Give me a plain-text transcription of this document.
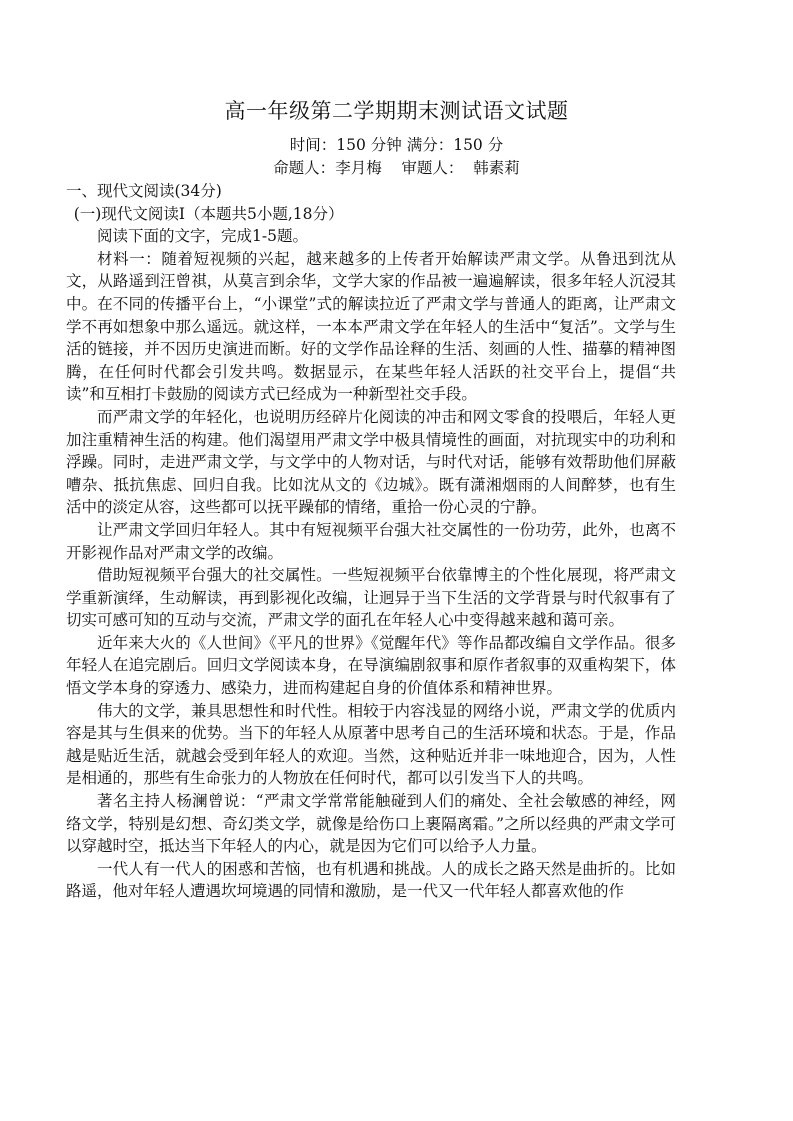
高一年级第二学期期末测试语文试题
时间：150 分钟 满分：150 分
命题人：李月梅 审题人： 韩素莉

一、现代文阅读(34分)

(一)现代文阅读Ⅰ（本题共5小题,18分）

阅读下面的文字，完成1-5题。

材料一：随着短视频的兴起，越来越多的上传者开始解读严肃文学。从鲁迅到沈从文，从路遥到汪曾祺，从莫言到余华，文学大家的作品被一遍遍解读，很多年轻人沉浸其中。在不同的传播平台上，“小课堂”式的解读拉近了严肃文学与普通人的距离，让严肃文学不再如想象中那么遥远。就这样，一本本严肃文学在年轻人的生活中“复活”。文学与生活的链接，并不因历史演进而断。好的文学作品诠释的生活、刻画的人性、描摹的精神图腾，在任何时代都会引发共鸣。数据显示，在某些年轻人活跃的社交平台上，提倡“共读”和互相打卡鼓励的阅读方式已经成为一种新型社交手段。

而严肃文学的年轻化，也说明历经碎片化阅读的冲击和网文零食的投喂后，年轻人更加注重精神生活的构建。他们渴望用严肃文学中极具情境性的画面，对抗现实中的功利和浮躁。同时，走进严肃文学，与文学中的人物对话，与时代对话，能够有效帮助他们屏蔽嘈杂、抵抗焦虑、回归自我。比如沈从文的《边城》。既有潇湘烟雨的人间醉梦，也有生活中的淡定从容，这些都可以抚平躁郁的情绪，重拾一份心灵的宁静。

让严肃文学回归年轻人。其中有短视频平台强大社交属性的一份功劳，此外，也离不开影视作品对严肃文学的改编。

借助短视频平台强大的社交属性。一些短视频平台依靠博主的个性化展现，将严肃文学重新演绎，生动解读，再到影视化改编，让迥异于当下生活的文学背景与时代叙事有了切实可感可知的互动与交流，严肃文学的面孔在年轻人心中变得越来越和蔼可亲。

近年来大火的《人世间》《平凡的世界》《觉醒年代》等作品都改编自文学作品。很多年轻人在追完剧后。回归文学阅读本身，在导演编剧叙事和原作者叙事的双重构架下，体悟文学本身的穿透力、感染力，进而构建起自身的价值体系和精神世界。

伟大的文学，兼具思想性和时代性。相较于内容浅显的网络小说，严肃文学的优质内容是其与生俱来的优势。当下的年轻人从原著中思考自己的生活环境和状态。于是，作品越是贴近生活，就越会受到年轻人的欢迎。当然，这种贴近并非一味地迎合，因为，人性是相通的，那些有生命张力的人物放在任何时代，都可以引发当下人的共鸣。

著名主持人杨澜曾说：“严肃文学常常能触碰到人们的痛处、全社会敏感的神经，网络文学，特别是幻想、奇幻类文学，就像是给伤口上裹隔离霜。”之所以经典的严肃文学可以穿越时空，抵达当下年轻人的内心，就是因为它们可以给予人力量。

一代人有一代人的困惑和苦恼，也有机遇和挑战。人的成长之路天然是曲折的。比如路遥，他对年轻人遭遇坎坷境遇的同情和激励，是一代又一代年轻人都喜欢他的作
